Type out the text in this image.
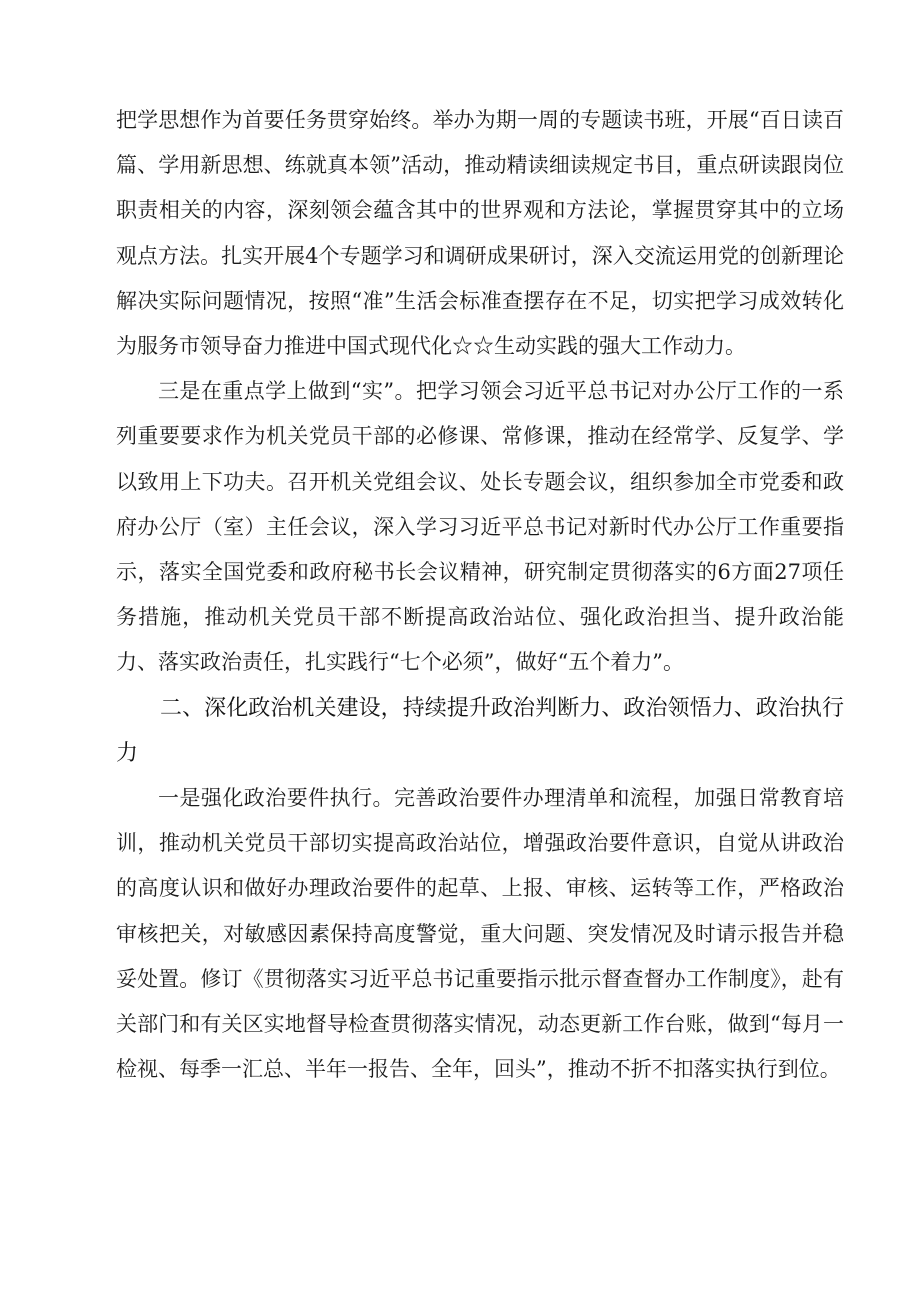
把学思想作为首要任务贯穿始终。举办为期一周的专题读书班，开展“百日读百篇、学用新思想、练就真本领”活动，推动精读细读规定书目，重点研读跟岗位职责相关的内容，深刻领会蕴含其中的世界观和方法论，掌握贯穿其中的立场观点方法。扎实开展4个专题学习和调研成果研讨，深入交流运用党的创新理论解决实际问题情况，按照“准”生活会标准查摆存在不足，切实把学习成效转化为服务市领导奋力推进中国式现代化☆☆生动实践的强大工作动力。

三是在重点学上做到“实”。把学习领会习近平总书记对办公厅工作的一系列重要要求作为机关党员干部的必修课、常修课，推动在经常学、反复学、学以致用上下功夫。召开机关党组会议、处长专题会议，组织参加全市党委和政府办公厅（室）主任会议，深入学习习近平总书记对新时代办公厅工作重要指示，落实全国党委和政府秘书长会议精神，研究制定贯彻落实的6方面27项任务措施，推动机关党员干部不断提高政治站位、强化政治担当、提升政治能力、落实政治责任，扎实践行“七个必须”，做好“五个着力”。

二、深化政治机关建设，持续提升政治判断力、政治领悟力、政治执行力

一是强化政治要件执行。完善政治要件办理清单和流程，加强日常教育培训，推动机关党员干部切实提高政治站位，增强政治要件意识，自觉从讲政治的高度认识和做好办理政治要件的起草、上报、审核、运转等工作，严格政治审核把关，对敏感因素保持高度警觉，重大问题、突发情况及时请示报告并稳妥处置。修订《贯彻落实习近平总书记重要指示批示督查督办工作制度》，赴有关部门和有关区实地督导检查贯彻落实情况，动态更新工作台账，做到“每月一检视、每季一汇总、半年一报告、全年，回头”，推动不折不扣落实执行到位。
